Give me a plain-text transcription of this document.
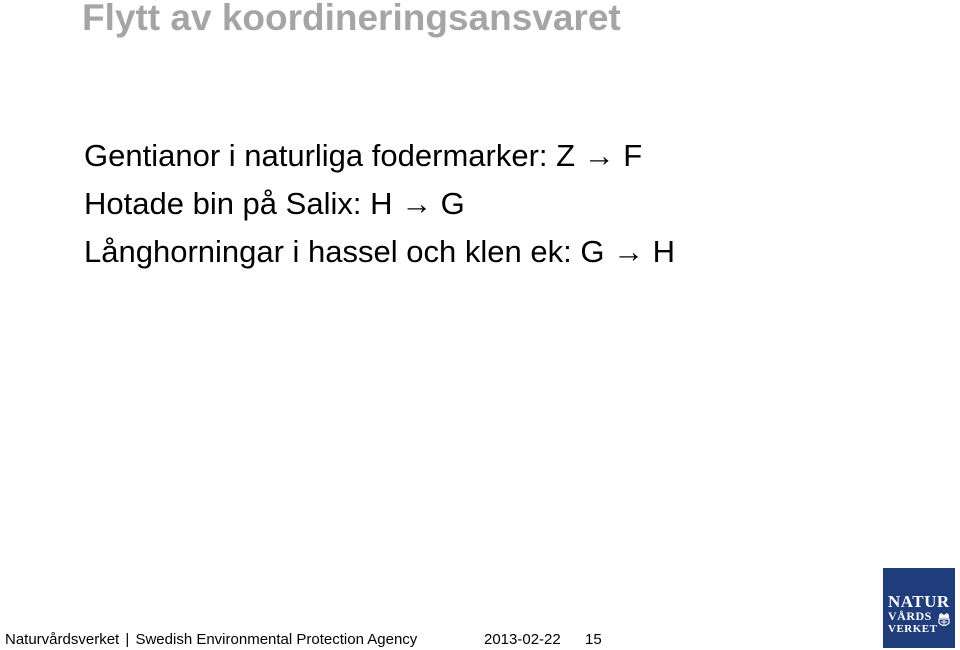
Flytt av koordineringsansvaret
Gentianor i naturliga fodermarker: Z → F
Hotade bin på Salix: H → G
Långhorningar i hassel och klen ek: G → H
Naturvårdsverket | Swedish Environmental Protection Agency	2013-02-22 15
NATUR
VÅRDS
VERKET
